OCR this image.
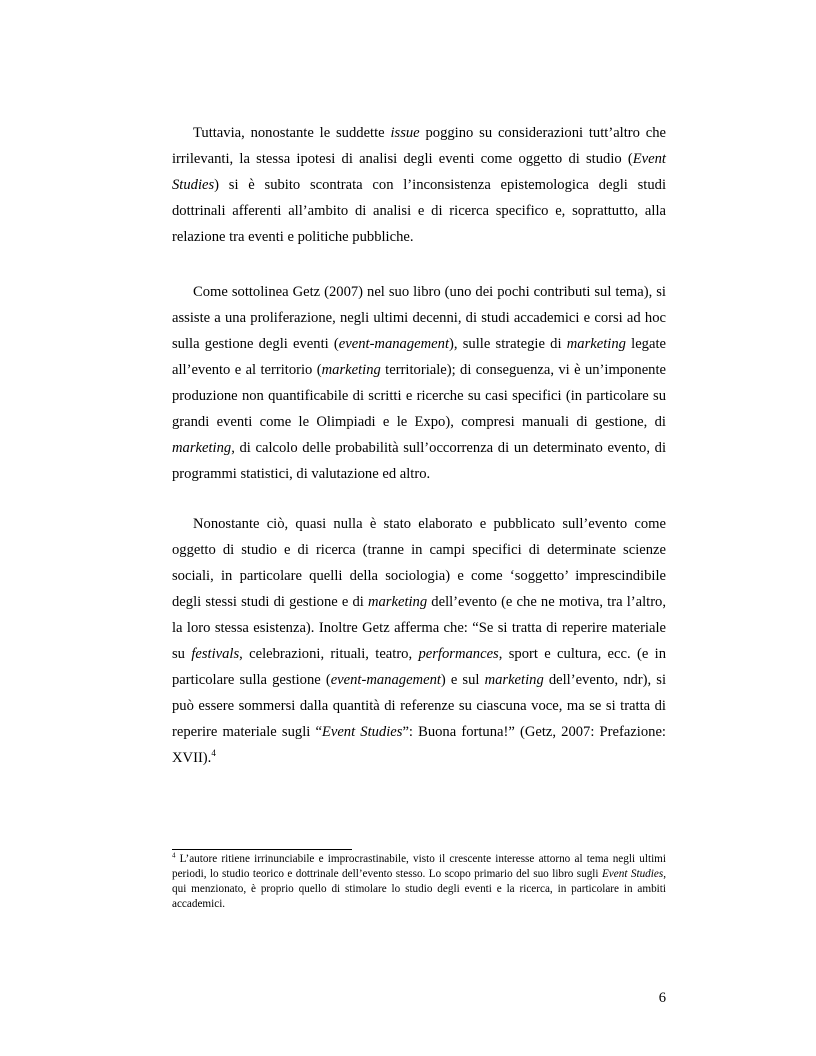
Tuttavia, nonostante le suddette issue poggino su considerazioni tutt’altro che irrilevanti, la stessa ipotesi di analisi degli eventi come oggetto di studio (Event Studies) si è subito scontrata con l’inconsistenza epistemologica degli studi dottrinali afferenti all’ambito di analisi e di ricerca specifico e, soprattutto, alla relazione tra eventi e politiche pubbliche.

Come sottolinea Getz (2007) nel suo libro (uno dei pochi contributi sul tema), si assiste a una proliferazione, negli ultimi decenni, di studi accademici e corsi ad hoc sulla gestione degli eventi (event-management), sulle strategie di marketing legate all’evento e al territorio (marketing territoriale); di conseguenza, vi è un’imponente produzione non quantificabile di scritti e ricerche su casi specifici (in particolare su grandi eventi come le Olimpiadi e le Expo), compresi manuali di gestione, di marketing, di calcolo delle probabilità sull’occorrenza di un determinato evento, di programmi statistici, di valutazione ed altro.

Nonostante ciò, quasi nulla è stato elaborato e pubblicato sull’evento come oggetto di studio e di ricerca (tranne in campi specifici di determinate scienze sociali, in particolare quelli della sociologia) e come ‘soggetto’ imprescindibile degli stessi studi di gestione e di marketing dell’evento (e che ne motiva, tra l’altro, la loro stessa esistenza). Inoltre Getz afferma che: “Se si tratta di reperire materiale su festivals, celebrazioni, rituali, teatro, performances, sport e cultura, ecc. (e in particolare sulla gestione (event-management) e sul marketing dell’evento, ndr), si può essere sommersi dalla quantità di referenze su ciascuna voce, ma se si tratta di reperire materiale sugli “Event Studies”: Buona fortuna!” (Getz, 2007: Prefazione: XVII).$^4$

$^4$ L’autore ritiene irrinunciabile e improcrastinabile, visto il crescente interesse attorno al tema negli ultimi periodi, lo studio teorico e dottrinale dell’evento stesso. Lo scopo primario del suo libro sugli Event Studies, qui menzionato, è proprio quello di stimolare lo studio degli eventi e la ricerca, in particolare in ambiti accademici.

6
